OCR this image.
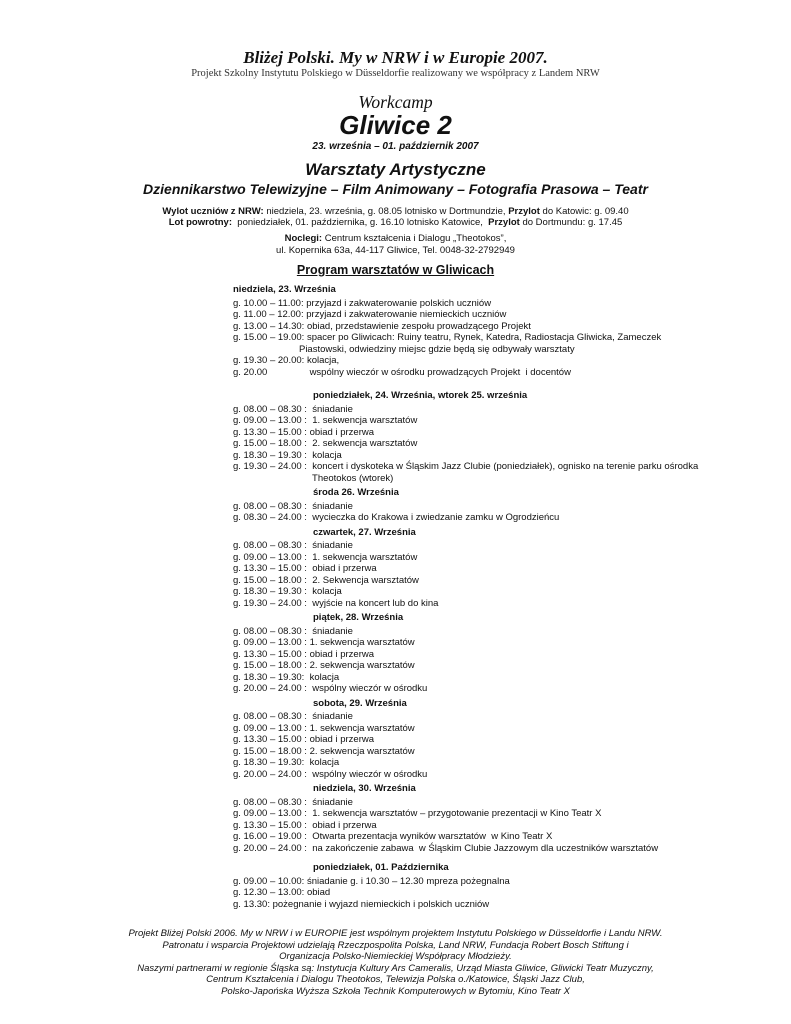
Bliżej Polski. My w NRW i w Europie 2007.
Projekt Szkolny Instytutu Polskiego w Düsseldorfie realizowany we współpracy z Landem NRW
Workcamp
Gliwice 2
23. września – 01. październik 2007
Warsztaty Artystyczne
Dziennikarstwo Telewizyjne – Film Animowany – Fotografia Prasowa – Teatr
Wylot uczniów z NRW: niedziela, 23. września, g. 08.05 lotnisko w Dortmundzie, Przylot do Katowic: g. 09.40
Lot powrotny:  poniedziałek, 01. października, g. 16.10 lotnisko Katowice,  Przylot do Dortmundu: g. 17.45
Noclegi: Centrum kształcenia i Dialogu „Theotokos”,
ul. Kopernika 63a, 44-117 Gliwice, Tel. 0048-32-2792949
Program warsztatów w Gliwicach
niedziela, 23. Września
g. 10.00 – 11.00: przyjazd i zakwaterowanie polskich uczniów
g. 11.00 – 12.00: przyjazd i zakwaterowanie niemieckich uczniów
g. 13.00 – 14.30: obiad, przedstawienie zespołu prowadzącego Projekt
g. 15.00 – 19.00: spacer po Gliwicach: Ruiny teatru, Rynek, Katedra, Radiostacja Gliwicka, Zameczek
Piastowski, odwiedziny miejsc gdzie będą się odbywały warsztaty
g. 19.30 – 20.00: kolacja,
g. 20.00                wspólny wieczór w ośrodku prowadzących Projekt  i docentów
poniedziałek, 24. Września, wtorek 25. września
g. 08.00 – 08.30 :  śniadanie
g. 09.00 – 13.00 :  1. sekwencja warsztatów
g. 13.30 – 15.00 : obiad i przerwa
g. 15.00 – 18.00 :  2. sekwencja warsztatów
g. 18.30 – 19.30 :  kolacja
g. 19.30 – 24.00 :  koncert i dyskoteka w Śląskim Jazz Clubie (poniedziałek), ognisko na terenie parku ośrodka
Theotokos (wtorek)
środa 26. Września
g. 08.00 – 08.30 :  śniadanie
g. 08.30 – 24.00 :  wycieczka do Krakowa i zwiedzanie zamku w Ogrodzieńcu
czwartek, 27. Września
g. 08.00 – 08.30 :  śniadanie
g. 09.00 – 13.00 :  1. sekwencja warsztatów
g. 13.30 – 15.00 :  obiad i przerwa
g. 15.00 – 18.00 :  2. Sekwencja warsztatów
g. 18.30 – 19.30 :  kolacja
g. 19.30 – 24.00 :  wyjście na koncert lub do kina
piątek, 28. Września
g. 08.00 – 08.30 :  śniadanie
g. 09.00 – 13.00 : 1. sekwencja warsztatów
g. 13.30 – 15.00 : obiad i przerwa
g. 15.00 – 18.00 : 2. sekwencja warsztatów
g. 18.30 – 19.30:  kolacja
g. 20.00 – 24.00 :  wspólny wieczór w ośrodku
sobota, 29. Września
g. 08.00 – 08.30 :  śniadanie
g. 09.00 – 13.00 : 1. sekwencja warsztatów
g. 13.30 – 15.00 : obiad i przerwa
g. 15.00 – 18.00 : 2. sekwencja warsztatów
g. 18.30 – 19.30:  kolacja
g. 20.00 – 24.00 :  wspólny wieczór w ośrodku
niedziela, 30. Września
g. 08.00 – 08.30 :  śniadanie
g. 09.00 – 13.00 :  1. sekwencja warsztatów – przygotowanie prezentacji w Kino Teatr X
g. 13.30 – 15.00 :  obiad i przerwa
g. 16.00 – 19.00 :  Otwarta prezentacja wyników warsztatów  w Kino Teatr X
g. 20.00 – 24.00 :  na zakończenie zabawa  w Śląskim Clubie Jazzowym dla uczestników warsztatów
poniedziałek, 01. Października
g. 09.00 – 10.00: śniadanie g. i 10.30 – 12.30 mpreza pożegnalna
g. 12.30 – 13.00: obiad
g. 13.30: pożegnanie i wyjazd niemieckich i polskich uczniów
Projekt Bliżej Polski 2006. My w NRW i w EUROPIE jest wspólnym projektem Instytutu Polskiego w Düsseldorfie i Landu NRW.
Patronatu i wsparcia Projektowi udzielają Rzeczpospolita Polska, Land NRW, Fundacja Robert Bosch Stiftung i
Organizacja Polsko-Niemieckiej Współpracy Młodzieży.
Naszymi partnerami w regionie Śląska są: Instytucja Kultury Ars Cameralis, Urząd Miasta Gliwice, Gliwicki Teatr Muzyczny,
Centrum Kształcenia i Dialogu Theotokos, Telewizja Polska o./Katowice, Śląski Jazz Club,
Polsko-Japońska Wyższa Szkoła Technik Komputerowych w Bytomiu, Kino Teatr X
